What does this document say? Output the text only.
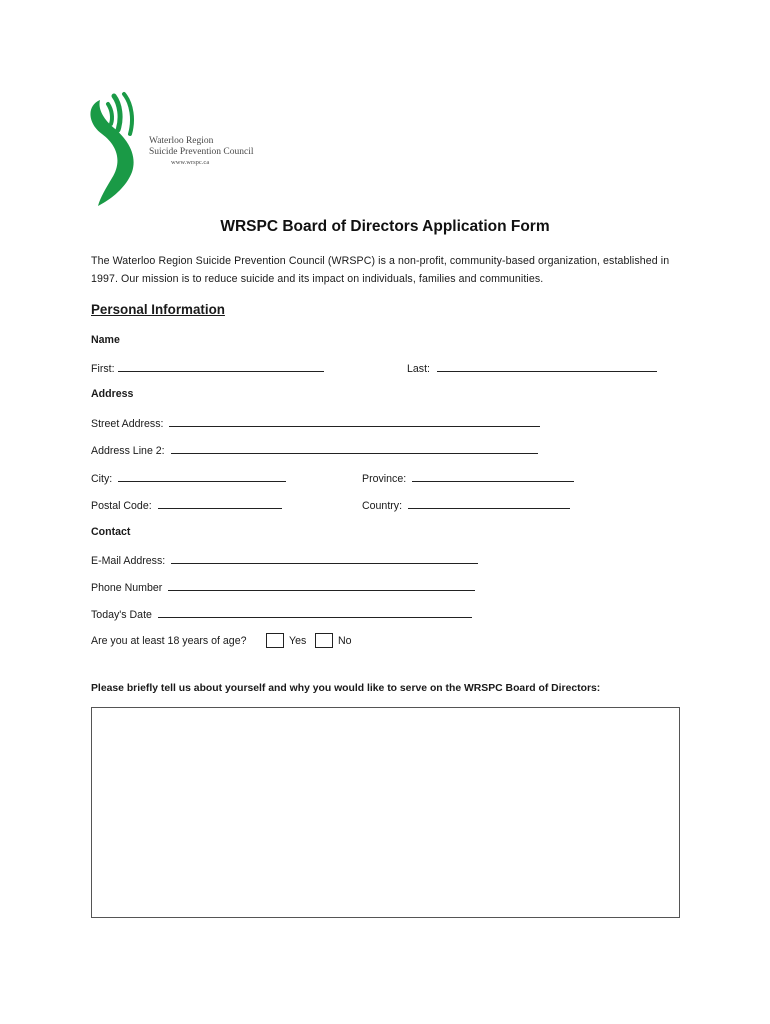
Waterloo Region
Suicide Prevention Council
www.wrspc.ca
WRSPC Board of Directors Application Form
The Waterloo Region Suicide Prevention Council (WRSPC) is a non-profit, community-based organization, established in 1997. Our mission is to reduce suicide and its impact on individuals, families and communities.
Personal Information
Name
First:	Last:
Address
Street Address:
Address Line 2:
City:	Province:
Postal Code:	Country:
Contact
E-Mail Address:
Phone Number
Today's Date
Are you at least 18 years of age?	Yes	No
Please briefly tell us about yourself and why you would like to serve on the WRSPC Board of Directors:
